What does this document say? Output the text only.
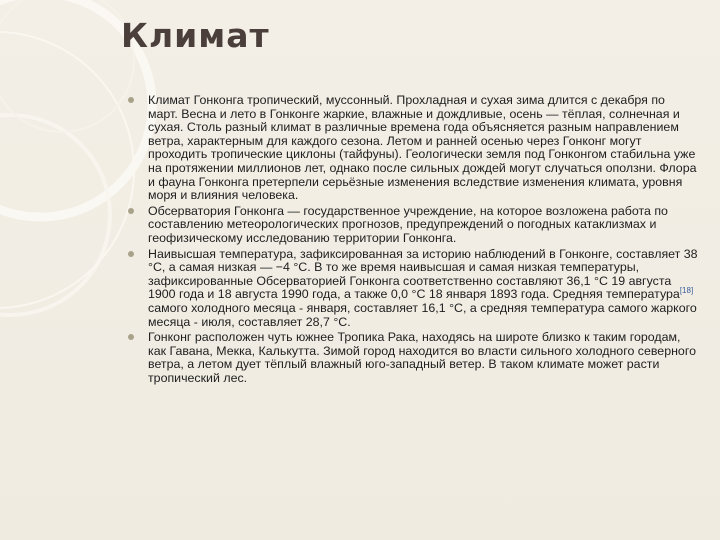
Климат
Климат Гонконга тропический, муссонный. Прохладная и сухая зима длится с декабря по март. Весна и лето в Гонконге жаркие, влажные и дождливые, осень — тёплая, солнечная и сухая. Столь разный климат в различные времена года объясняется разным направлением ветра, характерным для каждого сезона. Летом и ранней осенью через Гонконг могут проходить тропические циклоны (тайфуны). Геологически земля под Гонконгом стабильна уже на протяжении миллионов лет, однако после сильных дождей могут случаться оползни. Флора и фауна Гонконга претерпели серьёзные изменения вследствие изменения климата, уровня моря и влияния человека.
Обсерватория Гонконга — государственное учреждение, на которое возложена работа по составлению метеорологических прогнозов, предупреждений о погодных катаклизмах и геофизическому исследованию территории Гонконга.
Наивысшая температура, зафиксированная за историю наблюдений в Гонконге, составляет 38 °C, а самая низкая — −4 °C. В то же время наивысшая и самая низкая температуры, зафиксированные Обсерваторией Гонконга соответственно составляют 36,1 °C 19 августа 1900 года и 18 августа 1990 года, а также 0,0 °C 18 января 1893 года. Средняя температура[18] самого холодного месяца - января, составляет 16,1 °C, а средняя температура самого жаркого месяца - июля, составляет 28,7 °C.
Гонконг расположен чуть южнее Тропика Рака, находясь на широте близко к таким городам, как Гавана, Мекка, Калькутта. Зимой город находится во власти сильного холодного северного ветра, а летом дует тёплый влажный юго-западный ветер. В таком климате может расти тропический лес.
